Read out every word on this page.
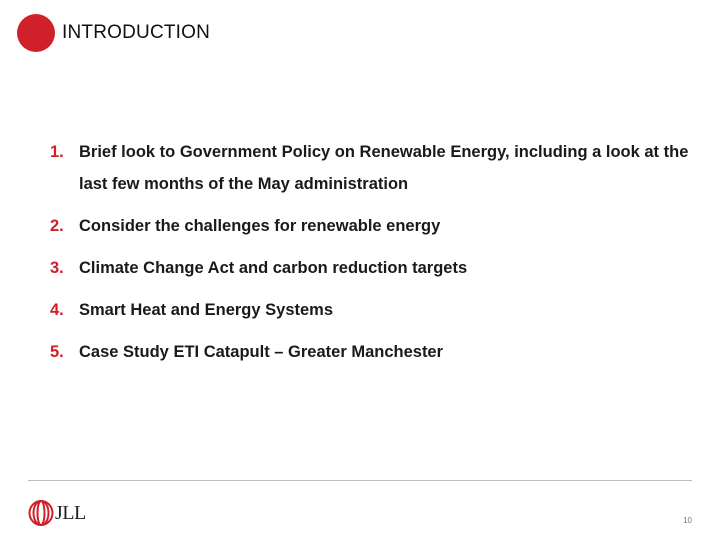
INTRODUCTION
1. Brief look to Government Policy on Renewable Energy, including a look at the last few months of the May administration
2. Consider the challenges for renewable energy
3. Climate Change Act and carbon reduction targets
4. Smart Heat and Energy Systems
5. Case Study ETI Catapult – Greater Manchester
JLL	10
